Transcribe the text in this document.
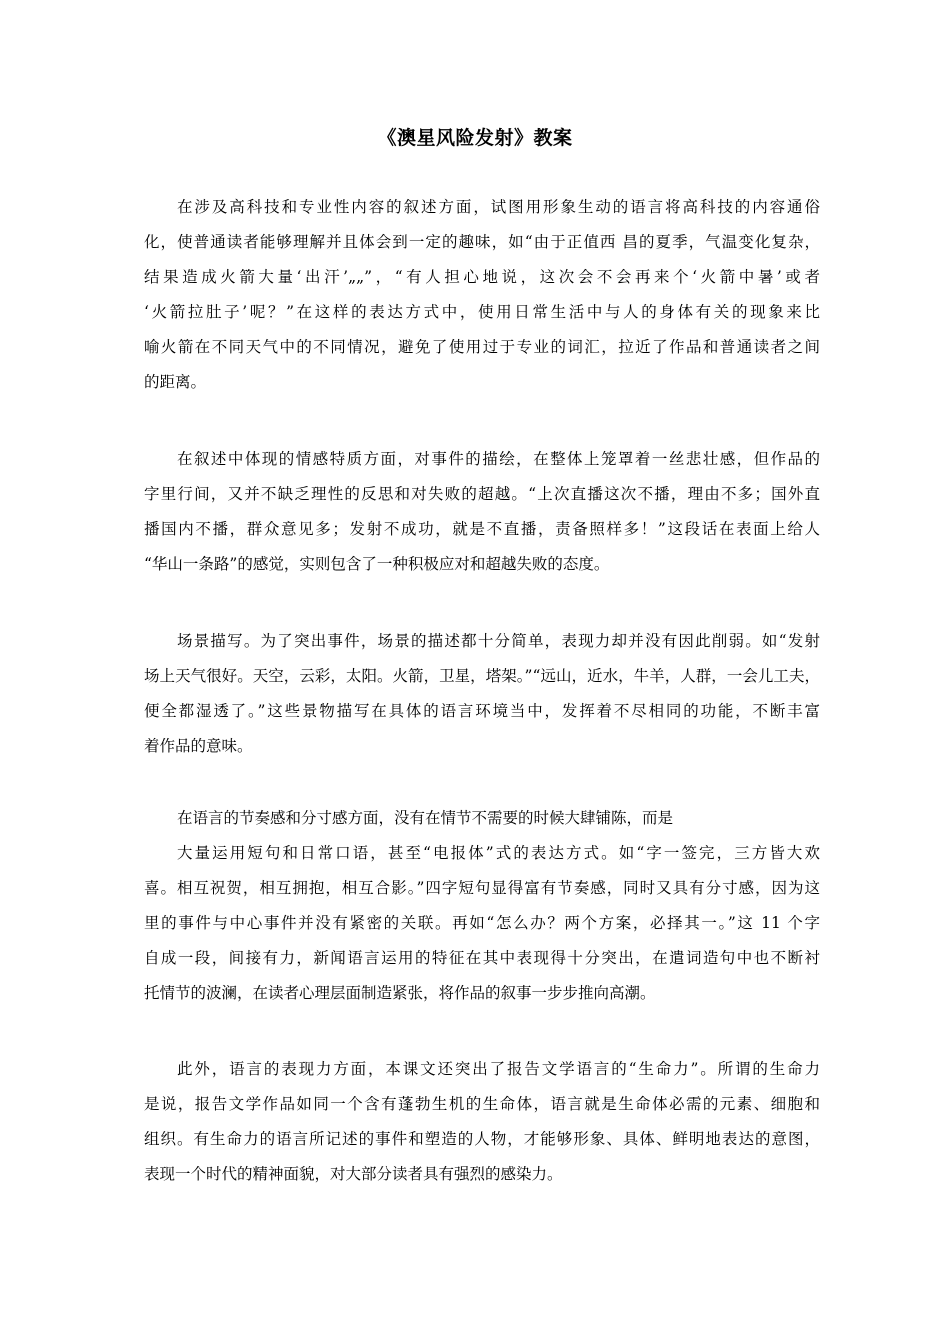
《澳星风险发射》教案
在涉及高科技和专业性内容的叙述方面，试图用形象生动的语言将高科技的内容通俗
化，使普通读者能够理解并且体会到一定的趣味，如“由于正值西 昌的夏季，气温变化复杂，
结果造成火箭大量‘出汗’„„”，“有人担心地说，这次会不会再来个‘火箭中暑’或者
‘火箭拉肚子’呢？”在这样的表达方式中，使用日常生活中与人的身体有关的现象来比
喻火箭在不同天气中的不同情况，避免了使用过于专业的词汇，拉近了作品和普通读者之间
的距离。
在叙述中体现的情感特质方面，对事件的描绘，在整体上笼罩着一丝悲壮感，但作品的
字里行间，又并不缺乏理性的反思和对失败的超越。“上次直播这次不播，理由不多；国外直
播国内不播，群众意见多；发射不成功，就是不直播，责备照样多！”这段话在表面上给人
“华山一条路”的感觉，实则包含了一种积极应对和超越失败的态度。
场景描写。为了突出事件，场景的描述都十分简单，表现力却并没有因此削弱。如“发射
场上天气很好。天空，云彩，太阳。火箭，卫星，塔架。”“远山，近水，牛羊，人群，一会儿工夫，
便全都湿透了。”这些景物描写在具体的语言环境当中，发挥着不尽相同的功能，不断丰富
着作品的意味。
在语言的节奏感和分寸感方面，没有在情节不需要的时候大肆铺陈，而是
大量运用短句和日常口语，甚至“电报体”式的表达方式。如“字一签完，三方皆大欢
喜。相互祝贺，相互拥抱，相互合影。”四字短句显得富有节奏感，同时又具有分寸感，因为这
里的事件与中心事件并没有紧密的关联。再如“怎么办？两个方案，必择其一。”这 11 个字
自成一段，间接有力，新闻语言运用的特征在其中表现得十分突出，在遣词造句中也不断衬
托情节的波澜，在读者心理层面制造紧张，将作品的叙事一步步推向高潮。
此外，语言的表现力方面，本课文还突出了报告文学语言的“生命力”。所谓的生命力
是说，报告文学作品如同一个含有蓬勃生机的生命体，语言就是生命体必需的元素、细胞和
组织。有生命力的语言所记述的事件和塑造的人物，才能够形象、具体、鲜明地表达的意图，
表现一个时代的精神面貌，对大部分读者具有强烈的感染力。
